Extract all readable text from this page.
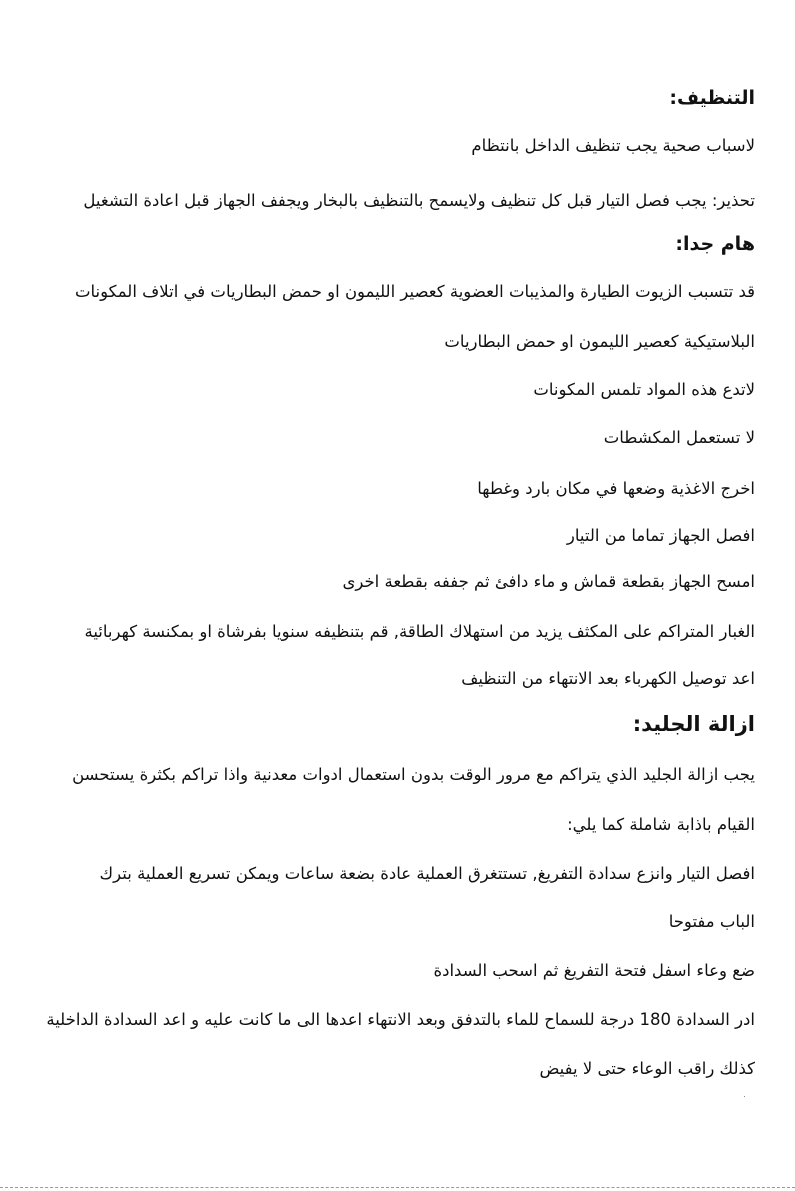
التنظيف:
لاسباب صحية يجب تنظيف الداخل بانتظام
تحذير: يجب فصل التيار قبل كل تنظيف ولايسمح بالتنظيف بالبخار ويجفف الجهاز قبل اعادة التشغيل
هام جدا:
قد تتسبب الزيوت الطيارة والمذيبات العضوية كعصير الليمون او حمض البطاريات في اتلاف المكونات
البلاستيكية كعصير الليمون او حمض البطاريات
لاتدع هذه المواد تلمس المكونات
لا تستعمل المكشطات
اخرج الاغذية وضعها في مكان بارد وغطها
افصل الجهاز تماما من التيار
امسح الجهاز بقطعة قماش و ماء دافئ ثم جففه بقطعة اخرى
الغبار المتراكم على المكثف يزيد من استهلاك الطاقة, قم بتنظيفه سنويا بفرشاة او بمكنسة كهربائية
اعد توصيل الكهرباء بعد الانتهاء من التنظيف
ازالة الجليد:
يجب ازالة الجليد الذي يتراكم مع مرور الوقت بدون استعمال ادوات معدنية واذا تراكم بكثرة يستحسن
القيام باذابة شاملة كما يلي:
افصل التيار وانزع سدادة التفريغ, تستتغرق العملية عادة بضعة ساعات ويمكن تسريع العملية بترك
الباب مفتوحا
ضع وعاء اسفل فتحة التفريغ ثم اسحب السدادة
ادر السدادة 180 درجة للسماح للماء بالتدفق وبعد الانتهاء اعدها الى ما كانت عليه و اعد السدادة الداخلية
كذلك راقب الوعاء حتى لا يفيض
